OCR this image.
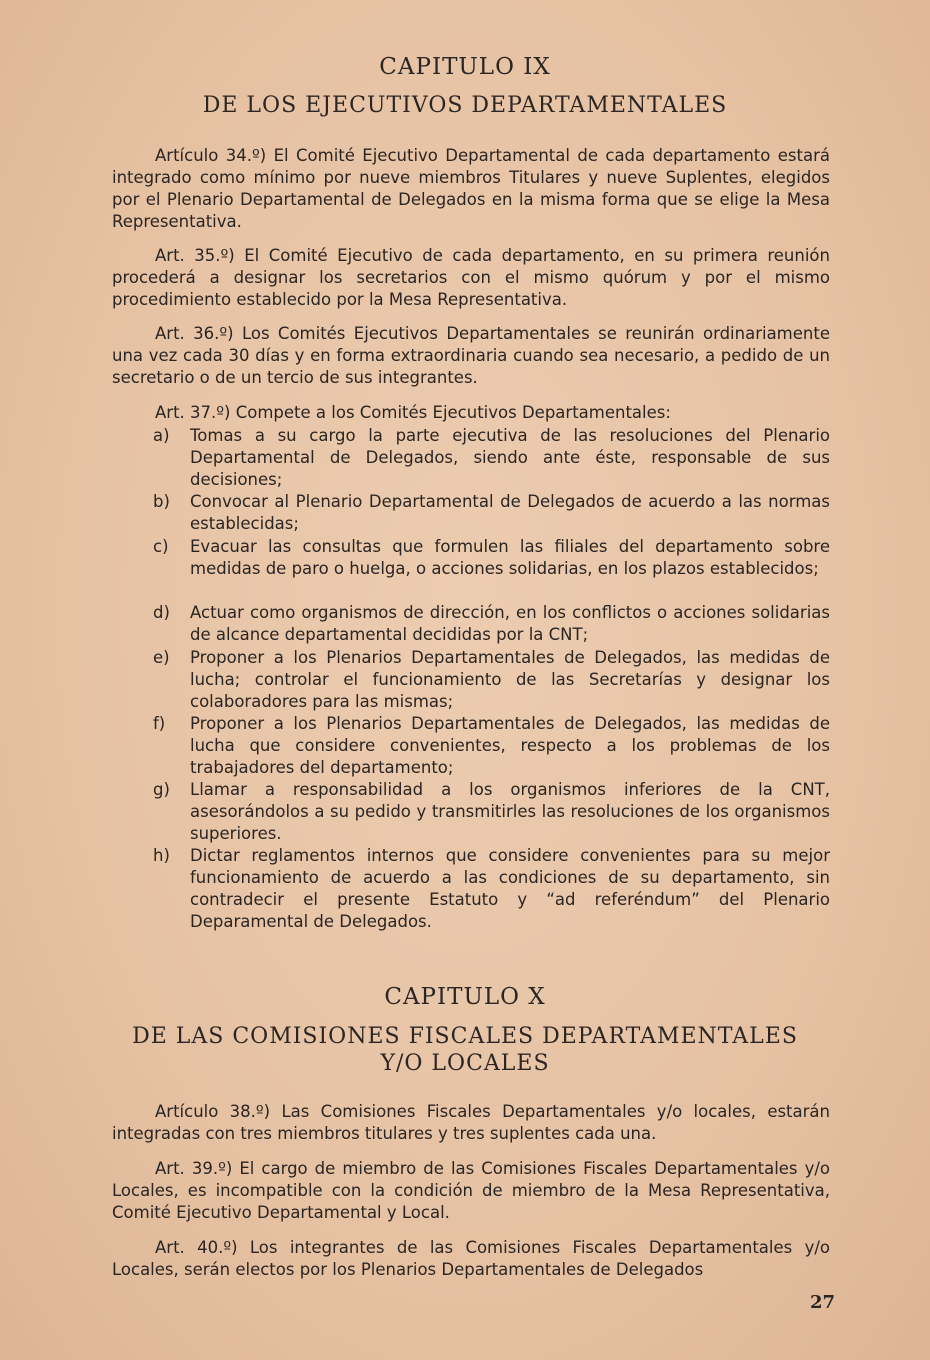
CAPITULO IX
DE LOS EJECUTIVOS DEPARTAMENTALES
Artículo 34.º) El Comité Ejecutivo Departamental de cada departamento estará integrado como mínimo por nueve miembros Titulares y nueve Suplentes, elegidos por el Plenario Departamental de Delegados en la misma forma que se elige la Mesa Representativa.
Art. 35.º) El Comité Ejecutivo de cada departamento, en su primera reunión procederá a designar los secretarios con el mismo quórum y por el mismo procedimiento establecido por la Mesa Representativa.
Art. 36.º) Los Comités Ejecutivos Departamentales se reunirán ordinariamente una vez cada 30 días y en forma extraordinaria cuando sea necesario, a pedido de un secretario o de un tercio de sus integrantes.
Art. 37.º) Compete a los Comités Ejecutivos Departamentales:
a)	Tomas a su cargo la parte ejecutiva de las resoluciones del Plenario Departamental de Delegados, siendo ante éste, responsable de sus decisiones;
b)	Convocar al Plenario Departamental de Delegados de acuerdo a las normas establecidas;
c)	Evacuar las consultas que formulen las filiales del departamento sobre medidas de paro o huelga, o acciones solidarias, en los plazos establecidos;
d)	Actuar como organismos de dirección, en los conflictos o acciones solidarias de alcance departamental decididas por la CNT;
e)	Proponer a los Plenarios Departamentales de Delegados, las medidas de lucha; controlar el funcionamiento de las Secretarías y designar los colaboradores para las mismas;
f)	Proponer a los Plenarios Departamentales de Delegados, las medidas de lucha que considere convenientes, respecto a los problemas de los trabajadores del departamento;
g)	Llamar a responsabilidad a los organismos inferiores de la CNT, asesorándolos a su pedido y transmitirles las resoluciones de los organismos superiores.
h)	Dictar reglamentos internos que considere convenientes para su mejor funcionamiento de acuerdo a las condiciones de su departamento, sin contradecir el presente Estatuto y “ad referéndum” del Plenario Deparamental de Delegados.
CAPITULO X
DE LAS COMISIONES FISCALES DEPARTAMENTALES
Y/O LOCALES
Artículo 38.º) Las Comisiones Fiscales Departamentales y/o locales, estarán integradas con tres miembros titulares y tres suplentes cada una.
Art. 39.º) El cargo de miembro de las Comisiones Fiscales Departamentales y/o Locales, es incompatible con la condición de miembro de la Mesa Representativa, Comité Ejecutivo Departamental y Local.
Art. 40.º) Los integrantes de las Comisiones Fiscales Departamentales y/o Locales, serán electos por los Plenarios Departamentales de Delegados
27
